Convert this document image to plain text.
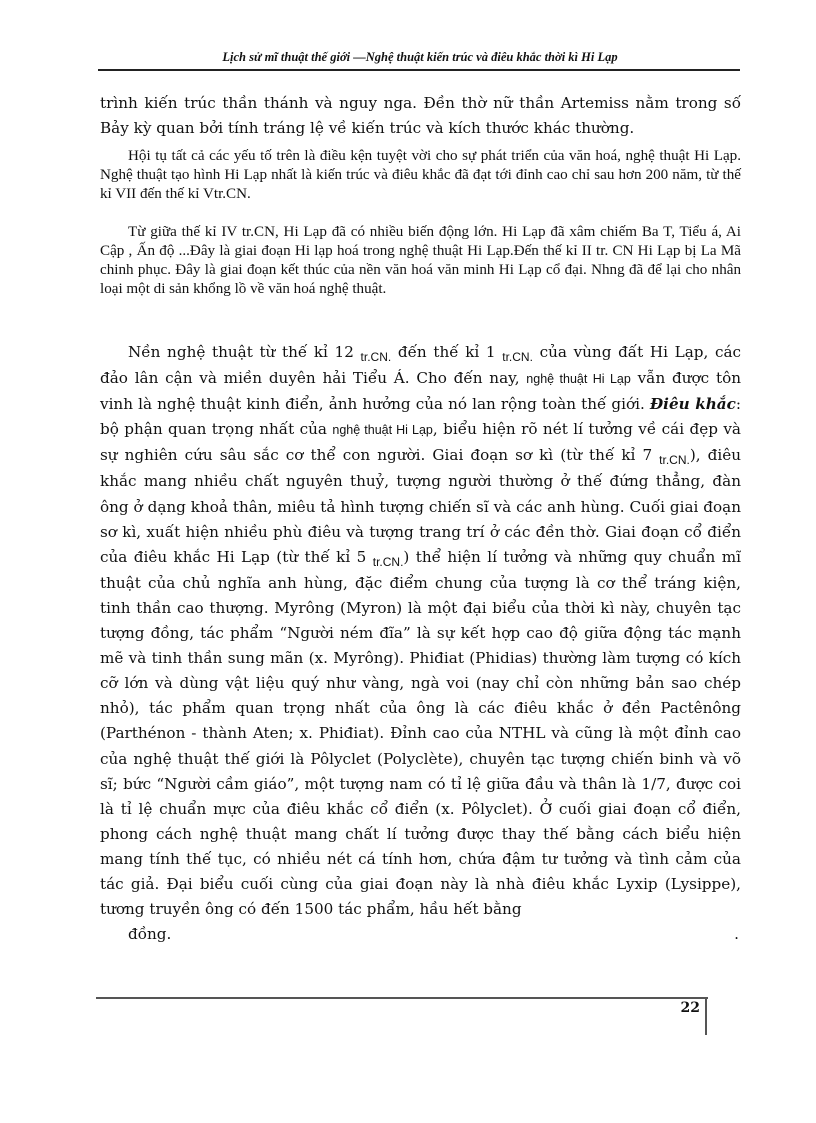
Lịch sử mĩ thuật thế giới —Nghệ thuật kiến trúc và điêu khắc thời kì Hi Lạp

trình kiến trúc thần thánh và nguy nga. Đền thờ nữ thần Artemiss nằm trong số Bảy kỳ quan bởi tính tráng lệ về kiến trúc và kích thước khác thường.

Hội tụ tất cả các yếu tố trên là điều kện tuyệt vời cho sự phát triển của văn hoá, nghệ thuật Hi Lạp. Nghệ thuật tạo hình Hi Lạp nhất là kiến trúc và điêu khắc đã đạt tới đỉnh cao chỉ sau hơn 200 năm, từ thế kỉ VII đến thế kỉ Vtr.CN.

Từ giữa thế kỉ IV tr.CN, Hi Lạp đã có nhiều biến động lớn. Hi Lạp đã xâm chiếm Ba T, Tiểu á, Ai Cập , Ấn độ ...Đây là giai đoạn Hi lạp hoá trong nghệ thuật Hi Lạp.Đến thế kỉ II tr. CN Hi Lạp bị La Mã chinh phục. Đây là giai đoạn kết thúc của nền văn hoá văn minh Hi Lạp cổ đại. Nhng đã để lại cho nhân loại một di sản khổng lồ về văn hoá nghệ thuật.

Nền nghệ thuật từ thế kỉ 12 $_{tr.CN.}$ đến thế kỉ 1 $_{tr.CN.}$ của vùng đất Hi Lạp, các đảo lân cận và miền duyên hải Tiểu Á. Cho đến nay, nghệ thuật Hi Lạp vẫn được tôn vinh là nghệ thuật kinh điển, ảnh hưởng của nó lan rộng toàn thế giới. Điêu khắc: bộ phận quan trọng nhất của nghệ thuật Hi Lạp, biểu hiện rõ nét lí tưởng về cái đẹp và sự nghiên cứu sâu sắc cơ thể con người. Giai đoạn sơ kì (từ thế kỉ 7 $_{tr.CN.}$), điêu khắc mang nhiều chất nguyên thuỷ, tượng người thường ở thế đứng thẳng, đàn ông ở dạng khoả thân, miêu tả hình tượng chiến sĩ và các anh hùng. Cuối giai đoạn sơ kì, xuất hiện nhiều phù điêu và tượng trang trí ở các đền thờ. Giai đoạn cổ điển của điêu khắc Hi Lạp (từ thế kỉ 5 $_{tr.CN.}$) thể hiện lí tưởng và những quy chuẩn mĩ thuật của chủ nghĩa anh hùng, đặc điểm chung của tượng là cơ thể tráng kiện, tinh thần cao thượng. Myrông (Myron) là một đại biểu của thời kì này, chuyên tạc tượng đồng, tác phẩm “Người ném đĩa” là sự kết hợp cao độ giữa động tác mạnh mẽ và tinh thần sung mãn (x. Myrông). Phiđiat (Phidias) thường làm tượng có kích cỡ lớn và dùng vật liệu quý như vàng, ngà voi (nay chỉ còn những bản sao chép nhỏ), tác phẩm quan trọng nhất của ông là các điêu khắc ở đền Pactênông (Parthénon - thành Aten; x. Phiđiat). Đỉnh cao của NTHL và cũng là một đỉnh cao của nghệ thuật thế giới là Pôlyclet (Polyclète), chuyên tạc tượng chiến binh và võ sĩ; bức “Người cầm giáo”, một tượng nam có tỉ lệ giữa đầu và thân là 1/7, được coi là tỉ lệ chuẩn mực của điêu khắc cổ điển (x. Pôlyclet). Ở cuối giai đoạn cổ điển, phong cách nghệ thuật mang chất lí tưởng được thay thế bằng cách biểu hiện mang tính thế tục, có nhiều nét cá tính hơn, chứa đậm tư tưởng và tình cảm của tác giả. Đại biểu cuối cùng của giai đoạn này là nhà điêu khắc Lyxip (Lysippe), tương truyền ông có đến 1500 tác phẩm, hầu hết bằng
đồng.	.

22
